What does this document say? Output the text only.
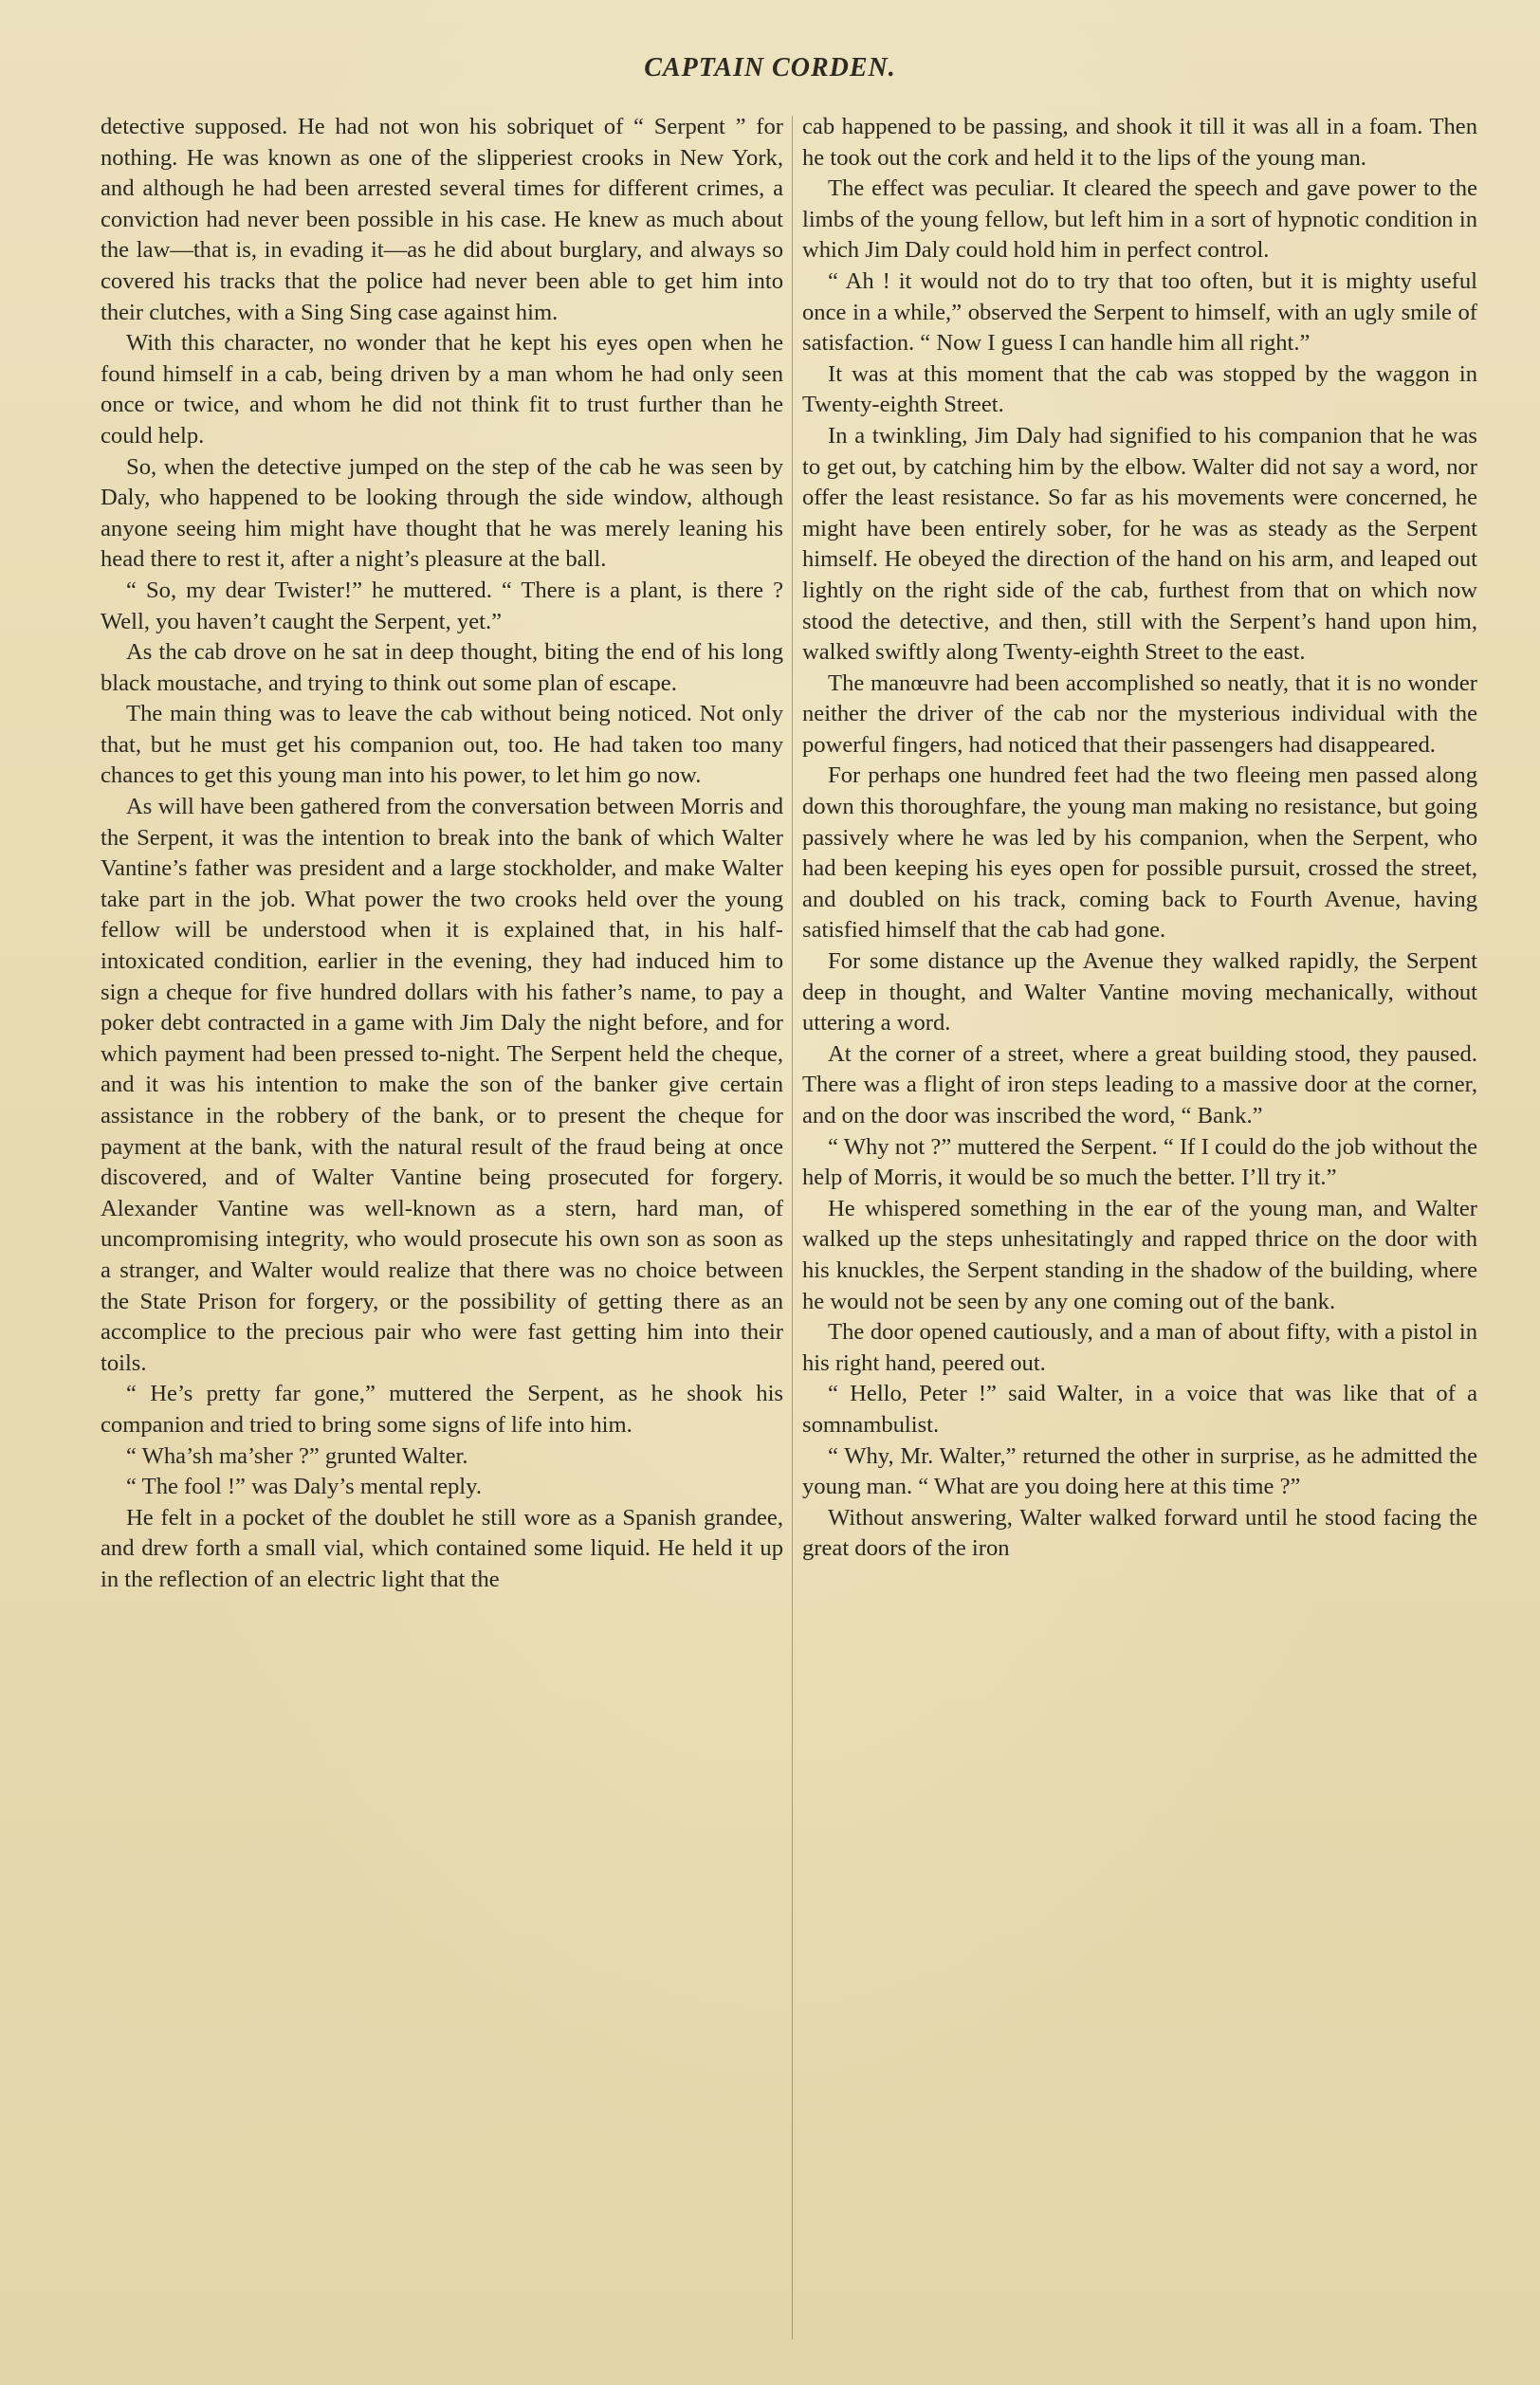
CAPTAIN CORDEN.

detective supposed. He had not won his sobriquet of “ Serpent ” for nothing. He was known as one of the slipperiest crooks in New York, and although he had been arrested several times for different crimes, a conviction had never been possible in his case. He knew as much about the law—that is, in evading it—as he did about burglary, and always so covered his tracks that the police had never been able to get him into their clutches, with a Sing Sing case against him.

With this character, no wonder that he kept his eyes open when he found himself in a cab, being driven by a man whom he had only seen once or twice, and whom he did not think fit to trust further than he could help.

So, when the detective jumped on the step of the cab he was seen by Daly, who happened to be looking through the side window, although anyone seeing him might have thought that he was merely leaning his head there to rest it, after a night’s pleasure at the ball.

“ So, my dear Twister!” he muttered. “ There is a plant, is there ? Well, you haven’t caught the Serpent, yet.”

As the cab drove on he sat in deep thought, biting the end of his long black moustache, and trying to think out some plan of escape.

The main thing was to leave the cab without being noticed. Not only that, but he must get his companion out, too. He had taken too many chances to get this young man into his power, to let him go now.

As will have been gathered from the conversation between Morris and the Serpent, it was the intention to break into the bank of which Walter Vantine’s father was president and a large stockholder, and make Walter take part in the job. What power the two crooks held over the young fellow will be understood when it is explained that, in his half-intoxicated condition, earlier in the evening, they had induced him to sign a cheque for five hundred dollars with his father’s name, to pay a poker debt contracted in a game with Jim Daly the night before, and for which payment had been pressed to-night. The Serpent held the cheque, and it was his intention to make the son of the banker give certain assistance in the robbery of the bank, or to present the cheque for payment at the bank, with the natural result of the fraud being at once discovered, and of Walter Vantine being prosecuted for forgery. Alexander Vantine was well-known as a stern, hard man, of uncompromising integrity, who would prosecute his own son as soon as a stranger, and Walter would realize that there was no choice between the State Prison for forgery, or the possibility of getting there as an accomplice to the precious pair who were fast getting him into their toils.

“ He’s pretty far gone,” muttered the Serpent, as he shook his companion and tried to bring some signs of life into him.

“ Wha’sh ma’sher ?” grunted Walter.

“ The fool !” was Daly’s mental reply.

He felt in a pocket of the doublet he still wore as a Spanish grandee, and drew forth a small vial, which contained some liquid. He held it up in the reflection of an electric light that the

cab happened to be passing, and shook it till it was all in a foam. Then he took out the cork and held it to the lips of the young man.

The effect was peculiar. It cleared the speech and gave power to the limbs of the young fellow, but left him in a sort of hypnotic condition in which Jim Daly could hold him in perfect control.

“ Ah ! it would not do to try that too often, but it is mighty useful once in a while,” observed the Serpent to himself, with an ugly smile of satisfaction. “ Now I guess I can handle him all right.”

It was at this moment that the cab was stopped by the waggon in Twenty-eighth Street.

In a twinkling, Jim Daly had signified to his companion that he was to get out, by catching him by the elbow. Walter did not say a word, nor offer the least resistance. So far as his movements were concerned, he might have been entirely sober, for he was as steady as the Serpent himself. He obeyed the direction of the hand on his arm, and leaped out lightly on the right side of the cab, furthest from that on which now stood the detective, and then, still with the Serpent’s hand upon him, walked swiftly along Twenty-eighth Street to the east.

The manœuvre had been accomplished so neatly, that it is no wonder neither the driver of the cab nor the mysterious individual with the powerful fingers, had noticed that their passengers had disappeared.

For perhaps one hundred feet had the two fleeing men passed along down this thoroughfare, the young man making no resistance, but going passively where he was led by his companion, when the Serpent, who had been keeping his eyes open for possible pursuit, crossed the street, and doubled on his track, coming back to Fourth Avenue, having satisfied himself that the cab had gone.

For some distance up the Avenue they walked rapidly, the Serpent deep in thought, and Walter Vantine moving mechanically, without uttering a word.

At the corner of a street, where a great building stood, they paused. There was a flight of iron steps leading to a massive door at the corner, and on the door was inscribed the word, “ Bank.”

“ Why not ?” muttered the Serpent. “ If I could do the job without the help of Morris, it would be so much the better. I’ll try it.”

He whispered something in the ear of the young man, and Walter walked up the steps unhesitatingly and rapped thrice on the door with his knuckles, the Serpent standing in the shadow of the building, where he would not be seen by any one coming out of the bank.

The door opened cautiously, and a man of about fifty, with a pistol in his right hand, peered out.

“ Hello, Peter !” said Walter, in a voice that was like that of a somnambulist.

“ Why, Mr. Walter,” returned the other in surprise, as he admitted the young man. “ What are you doing here at this time ?”

Without answering, Walter walked forward until he stood facing the great doors of the iron
